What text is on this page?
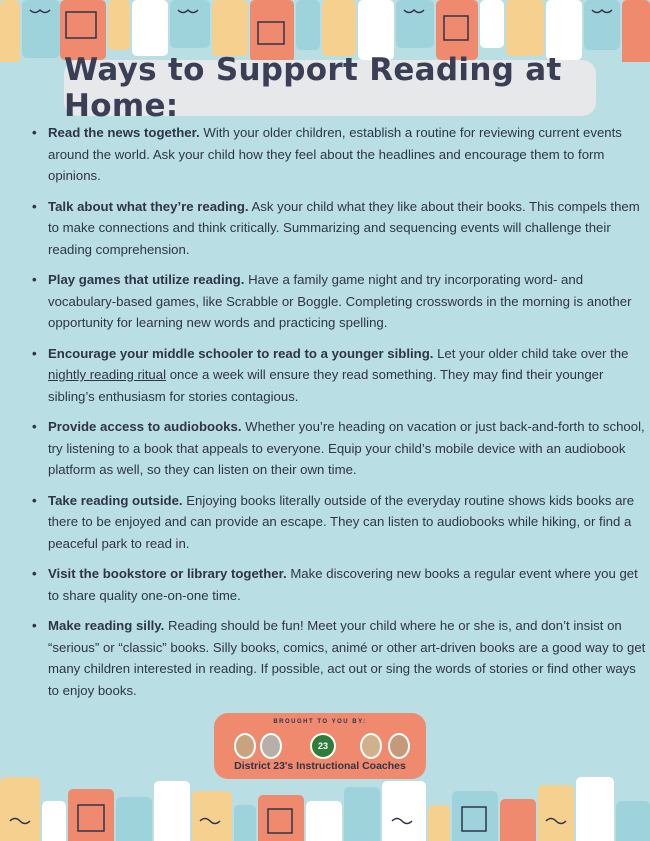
Ways to Support Reading at Home:
• Read the news together. With your older children, establish a routine for reviewing current events around the world. Ask your child how they feel about the headlines and encourage them to form opinions.
• Talk about what they’re reading. Ask your child what they like about their books. This compels them to make connections and think critically. Summarizing and sequencing events will challenge their reading comprehension.
• Play games that utilize reading. Have a family game night and try incorporating word- and vocabulary-based games, like Scrabble or Boggle. Completing crosswords in the morning is another opportunity for learning new words and practicing spelling.
• Encourage your middle schooler to read to a younger sibling. Let your older child take over the nightly reading ritual once a week will ensure they read something. They may find their younger sibling’s enthusiasm for stories contagious.
• Provide access to audiobooks. Whether you’re heading on vacation or just back-and-forth to school, try listening to a book that appeals to everyone. Equip your child’s mobile device with an audiobook platform as well, so they can listen on their own time.
• Take reading outside. Enjoying books literally outside of the everyday routine shows kids books are there to be enjoyed and can provide an escape. They can listen to audiobooks while hiking, or find a peaceful park to read in.
• Visit the bookstore or library together. Make discovering new books a regular event where you get to share quality one-on-one time.
• Make reading silly. Reading should be fun! Meet your child where he or she is, and don’t insist on “serious” or “classic” books. Silly books, comics, animé or other art-driven books are a good way to get many children interested in reading. If possible, act out or sing the words of stories or find other ways to enjoy books.
BROUGHT TO YOU BY:
23
District 23's Instructional Coaches
